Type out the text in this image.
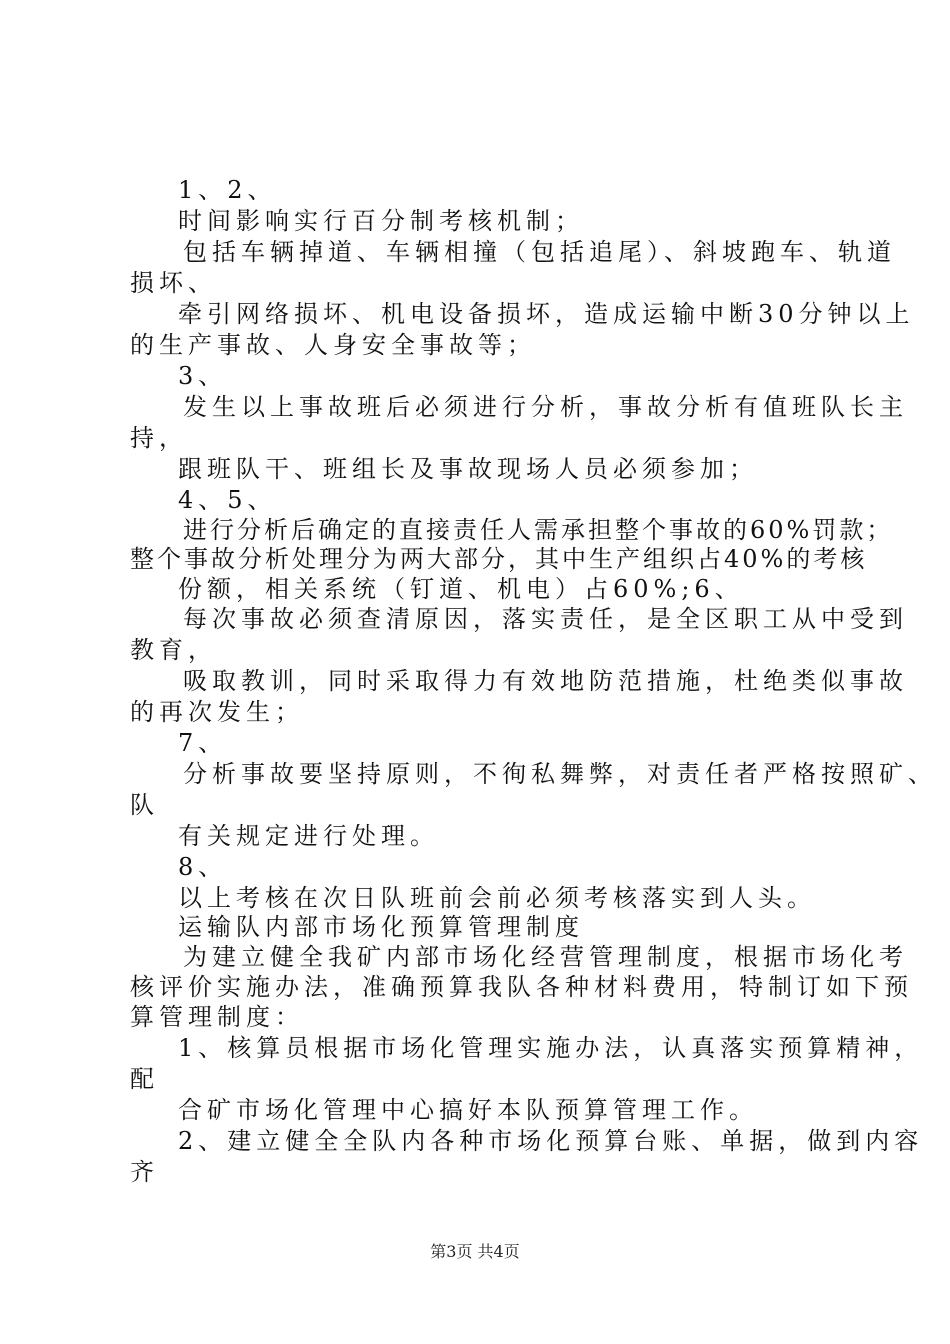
1、2、
时间影响实行百分制考核机制；
包括车辆掉道、车辆相撞（包括追尾）、斜坡跑车、轨道
损坏、
牵引网络损坏、机电设备损坏，造成运输中断30分钟以上
的生产事故、人身安全事故等；
3、
发生以上事故班后必须进行分析，事故分析有值班队长主
持，
跟班队干、班组长及事故现场人员必须参加；
4、5、
进行分析后确定的直接责任人需承担整个事故的60%罚款；
整个事故分析处理分为两大部分，其中生产组织占40%的考核
份额，相关系统（钉道、机电）占60%;6、
每次事故必须查清原因，落实责任，是全区职工从中受到
教育，
吸取教训，同时采取得力有效地防范措施，杜绝类似事故
的再次发生；
7、
分析事故要坚持原则，不徇私舞弊，对责任者严格按照矿、
队
有关规定进行处理。
8、
以上考核在次日队班前会前必须考核落实到人头。
运输队内部市场化预算管理制度
为建立健全我矿内部市场化经营管理制度，根据市场化考
核评价实施办法，准确预算我队各种材料费用，特制订如下预
算管理制度：
1、核算员根据市场化管理实施办法，认真落实预算精神，
配
合矿市场化管理中心搞好本队预算管理工作。
2、建立健全全队内各种市场化预算台账、单据，做到内容
齐
第3页 共4页
